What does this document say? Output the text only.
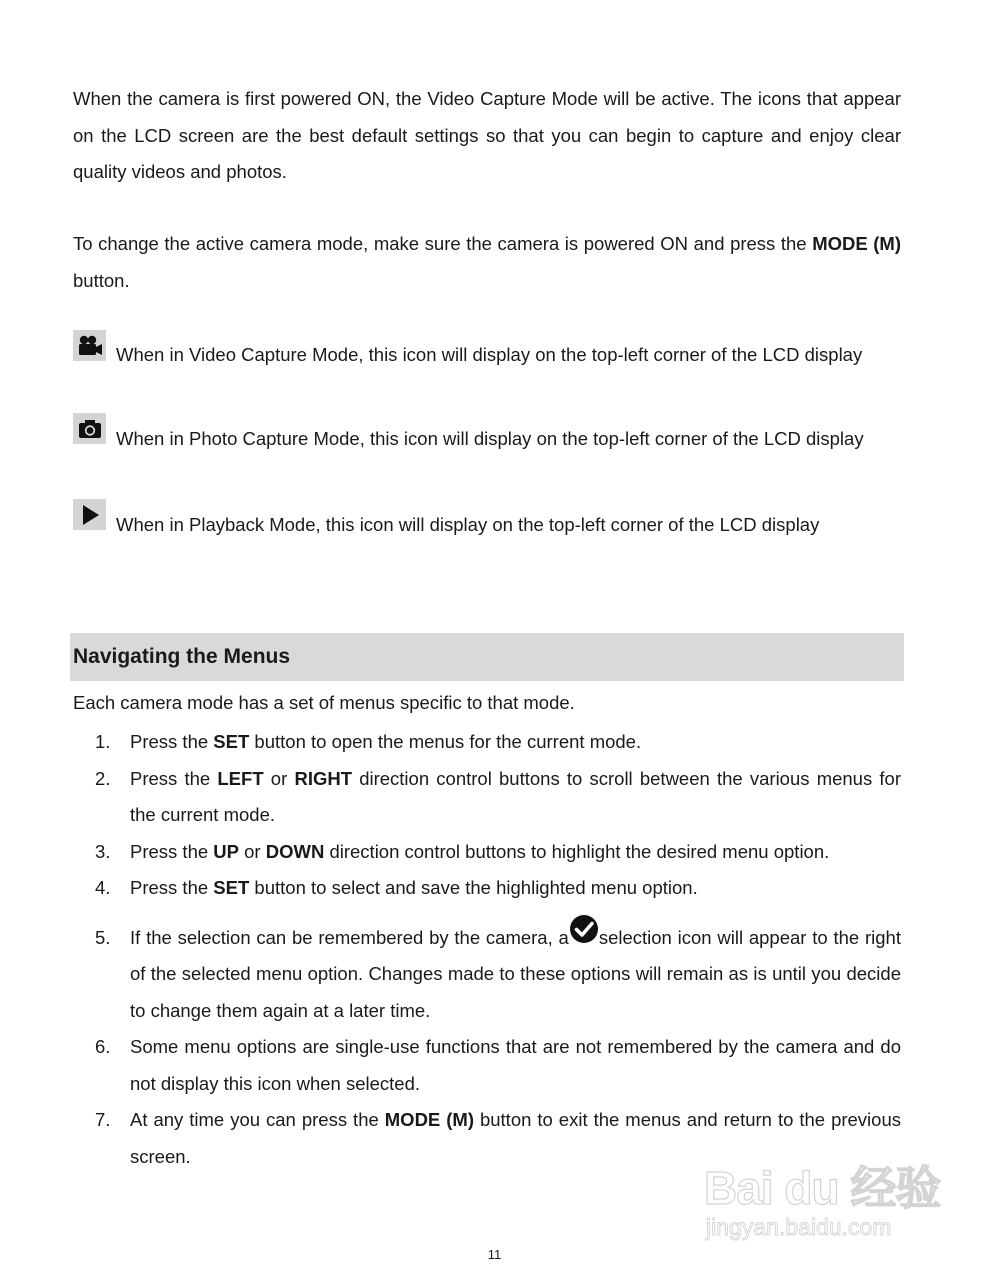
When the camera is first powered ON, the Video Capture Mode will be active. The icons that appear on the LCD screen are the best default settings so that you can begin to capture and enjoy clear quality videos and photos.

To change the active camera mode, make sure the camera is powered ON and press the MODE (M) button.

When in Video Capture Mode, this icon will display on the top-left corner of the LCD display
When in Photo Capture Mode, this icon will display on the top-left corner of the LCD display
When in Playback Mode, this icon will display on the top-left corner of the LCD display
Navigating the Menus

Each camera mode has a set of menus specific to that mode.

1. Press the SET button to open the menus for the current mode.
2. Press the LEFT or RIGHT direction control buttons to scroll between the various menus for the current mode.
3. Press the UP or DOWN direction control buttons to highlight the desired menu option.
4. Press the SET button to select and save the highlighted menu option.
5. If the selection can be remembered by the camera, a selection icon will appear to the right of the selected menu option. Changes made to these options will remain as is until you decide to change them again at a later time.
6. Some menu options are single-use functions that are not remembered by the camera and do not display this icon when selected.
7. At any time you can press the MODE (M) button to exit the menus and return to the previous screen.
Bai du 经验
jingyan.baidu.com

11
